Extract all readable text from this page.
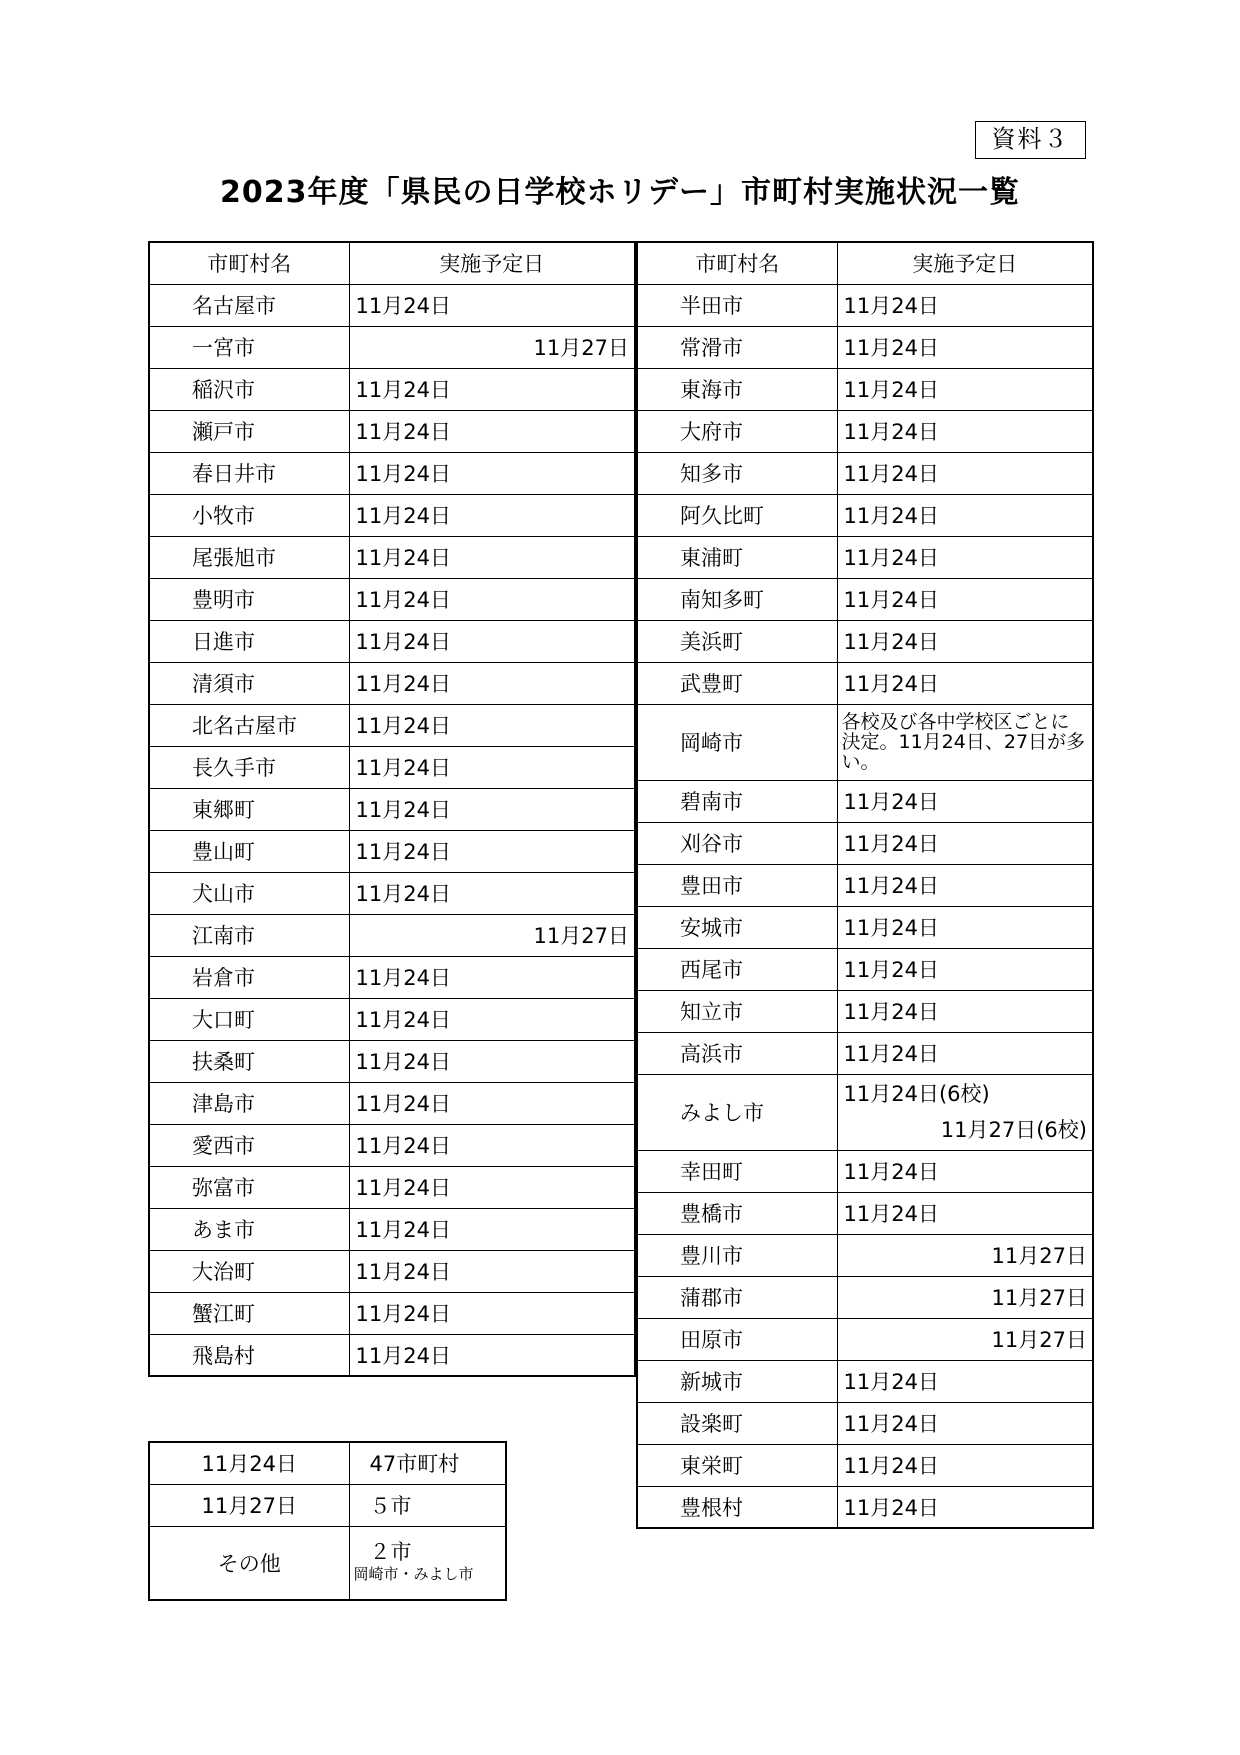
資料３
2023年度「県民の日学校ホリデー」市町村実施状況一覧
市町村名	実施予定日
名古屋市	11月24日
一宮市	11月27日
稲沢市	11月24日
瀬戸市	11月24日
春日井市	11月24日
小牧市	11月24日
尾張旭市	11月24日
豊明市	11月24日
日進市	11月24日
清須市	11月24日
北名古屋市	11月24日
長久手市	11月24日
東郷町	11月24日
豊山町	11月24日
犬山市	11月24日
江南市	11月27日
岩倉市	11月24日
大口町	11月24日
扶桑町	11月24日
津島市	11月24日
愛西市	11月24日
弥富市	11月24日
あま市	11月24日
大治町	11月24日
蟹江町	11月24日
飛島村	11月24日
市町村名	実施予定日
半田市	11月24日
常滑市	11月24日
東海市	11月24日
大府市	11月24日
知多市	11月24日
阿久比町	11月24日
東浦町	11月24日
南知多町	11月24日
美浜町	11月24日
武豊町	11月24日
岡崎市	各校及び各中学校区ごとに決定。11月24日、27日が多い。
碧南市	11月24日
刈谷市	11月24日
豊田市	11月24日
安城市	11月24日
西尾市	11月24日
知立市	11月24日
高浜市	11月24日
みよし市	11月24日(6校)
11月27日(6校)

幸田町	11月24日
豊橋市	11月24日
豊川市	11月27日
蒲郡市	11月27日
田原市	11月27日
新城市	11月24日
設楽町	11月24日
東栄町	11月24日
豊根村	11月24日
11月24日	47市町村
11月27日	５市
その他	２市
岡崎市・みよし市
